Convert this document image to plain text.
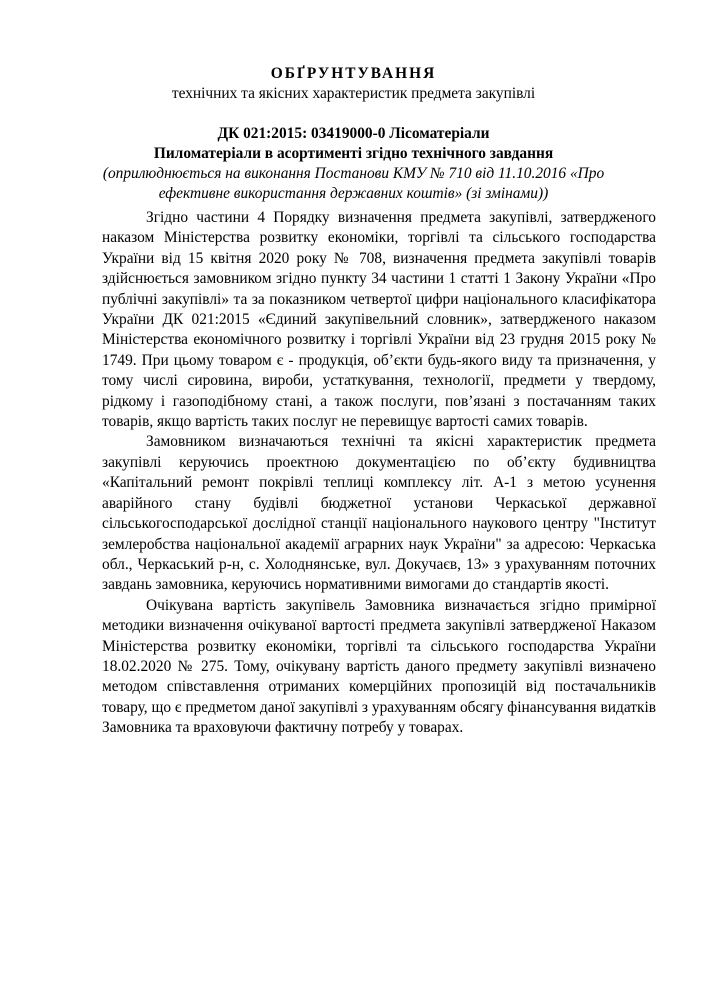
ОБҐРУНТУВАННЯ

технічних та якісних характеристик предмета закупівлі

ДК 021:2015: 03419000-0 Лісоматеріали

Пиломатеріали в асортименті згідно технічного завдання

(оприлюднюється на виконання Постанови КМУ № 710 від 11.10.2016 «Про

ефективне використання державних коштів» (зі змінами))

Згідно частини 4 Порядку визначення предмета закупівлі, затвердженого наказом Міністерства розвитку економіки, торгівлі та сільського господарства України від 15 квітня 2020 року № 708, визначення предмета закупівлі товарів здійснюється замовником згідно пункту 34 частини 1 статті 1 Закону України «Про публічні закупівлі» та за показником четвертої цифри національного класифікатора України ДК 021:2015 «Єдиний закупівельний словник», затвердженого наказом Міністерства економічного розвитку і торгівлі України від 23 грудня 2015 року № 1749. При цьому товаром є - продукція, об’єкти будь-якого виду та призначення, у тому числі сировина, вироби, устаткування, технології, предмети у твердому, рідкому і газоподібному стані, а також послуги, пов’язані з постачанням таких товарів, якщо вартість таких послуг не перевищує вартості самих товарів.

Замовником визначаються технічні та якісні характеристик предмета закупівлі керуючись проектною документацією по об’єкту будивництва «Капітальний ремонт покрівлі теплиці комплексу літ. А-1 з метою усунення аварійного стану будівлі бюджетної установи Черкаської державної сільськогосподарської дослідної станції національного наукового центру "Інститут землеробства національної академії аграрних наук України" за адресою: Черкаська обл., Черкаський р-н, с. Холоднянське, вул. Докучаєв, 13» з урахуванням поточних завдань замовника, керуючись нормативними вимогами до стандартів якості.

Очікувана вартість закупівель Замовника визначається згідно примірної методики визначення очікуваної вартості предмета закупівлі затвердженої Наказом Міністерства розвитку економіки, торгівлі та сільського господарства України 18.02.2020 № 275. Тому, очікувану вартість даного предмету закупівлі визначено методом співставлення отриманих комерційних пропозицій від постачальників товару, що є предметом даної закупівлі з урахуванням обсягу фінансування видатків Замовника та враховуючи фактичну потребу у товарах.
